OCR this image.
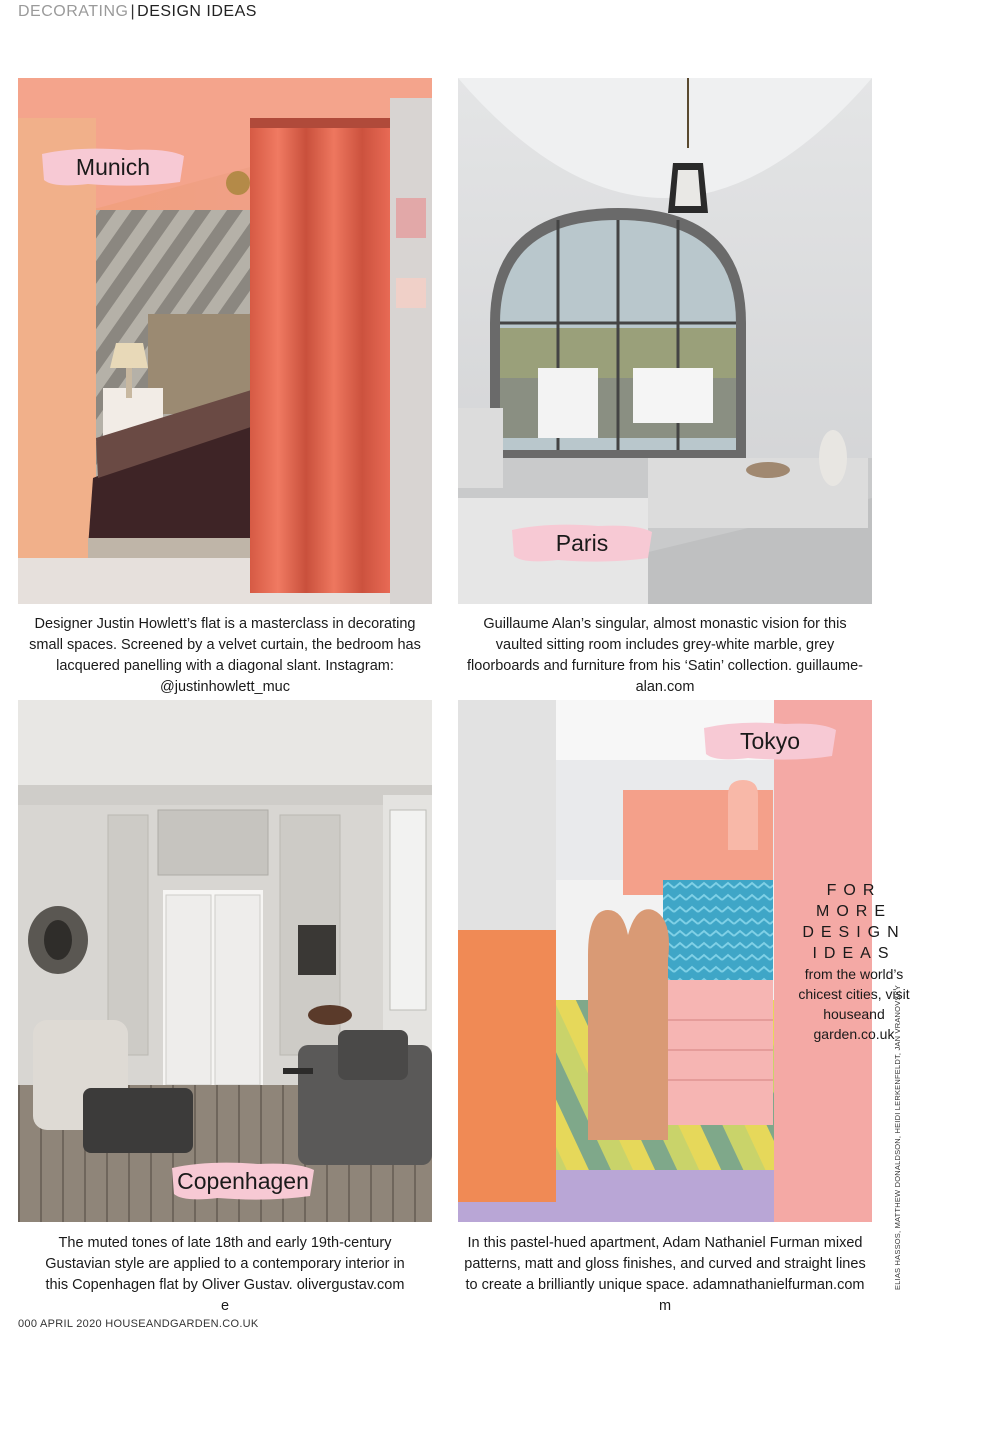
DECORATING | DESIGN IDEAS
Munich
Paris
Copenhagen
Tokyo
Designer Justin Howlett’s flat is a masterclass in decorating small spaces. Screened by a velvet curtain, the bedroom has lacquered panelling with a diagonal slant. Instagram: @justinhowlett_muc
Guillaume Alan’s singular, almost monastic vision for this vaulted sitting room includes grey-white marble, grey floorboards and furniture from his ‘Satin’ collection. guillaume-alan.com
The muted tones of late 18th and early 19th-century Gustavian style are applied to a contemporary interior in this Copenhagen flat by Oliver Gustav. olivergustav.com e
In this pastel-hued apartment, Adam Nathaniel Furman mixed patterns, matt and gloss finishes, and curved and straight lines to create a brilliantly unique space. adamnathanielfurman.com m
FOR
MORE
DESIGN
IDEAS
from the world’s chicest cities, visit houseand garden.co.uk
ELIAS HASSOS, MATTHEW DONALDSON, HEIDI LERKENFELDT, JAN VRANOVSKY
000 APRIL 2020 HOUSEANDGARDEN.CO.UK
